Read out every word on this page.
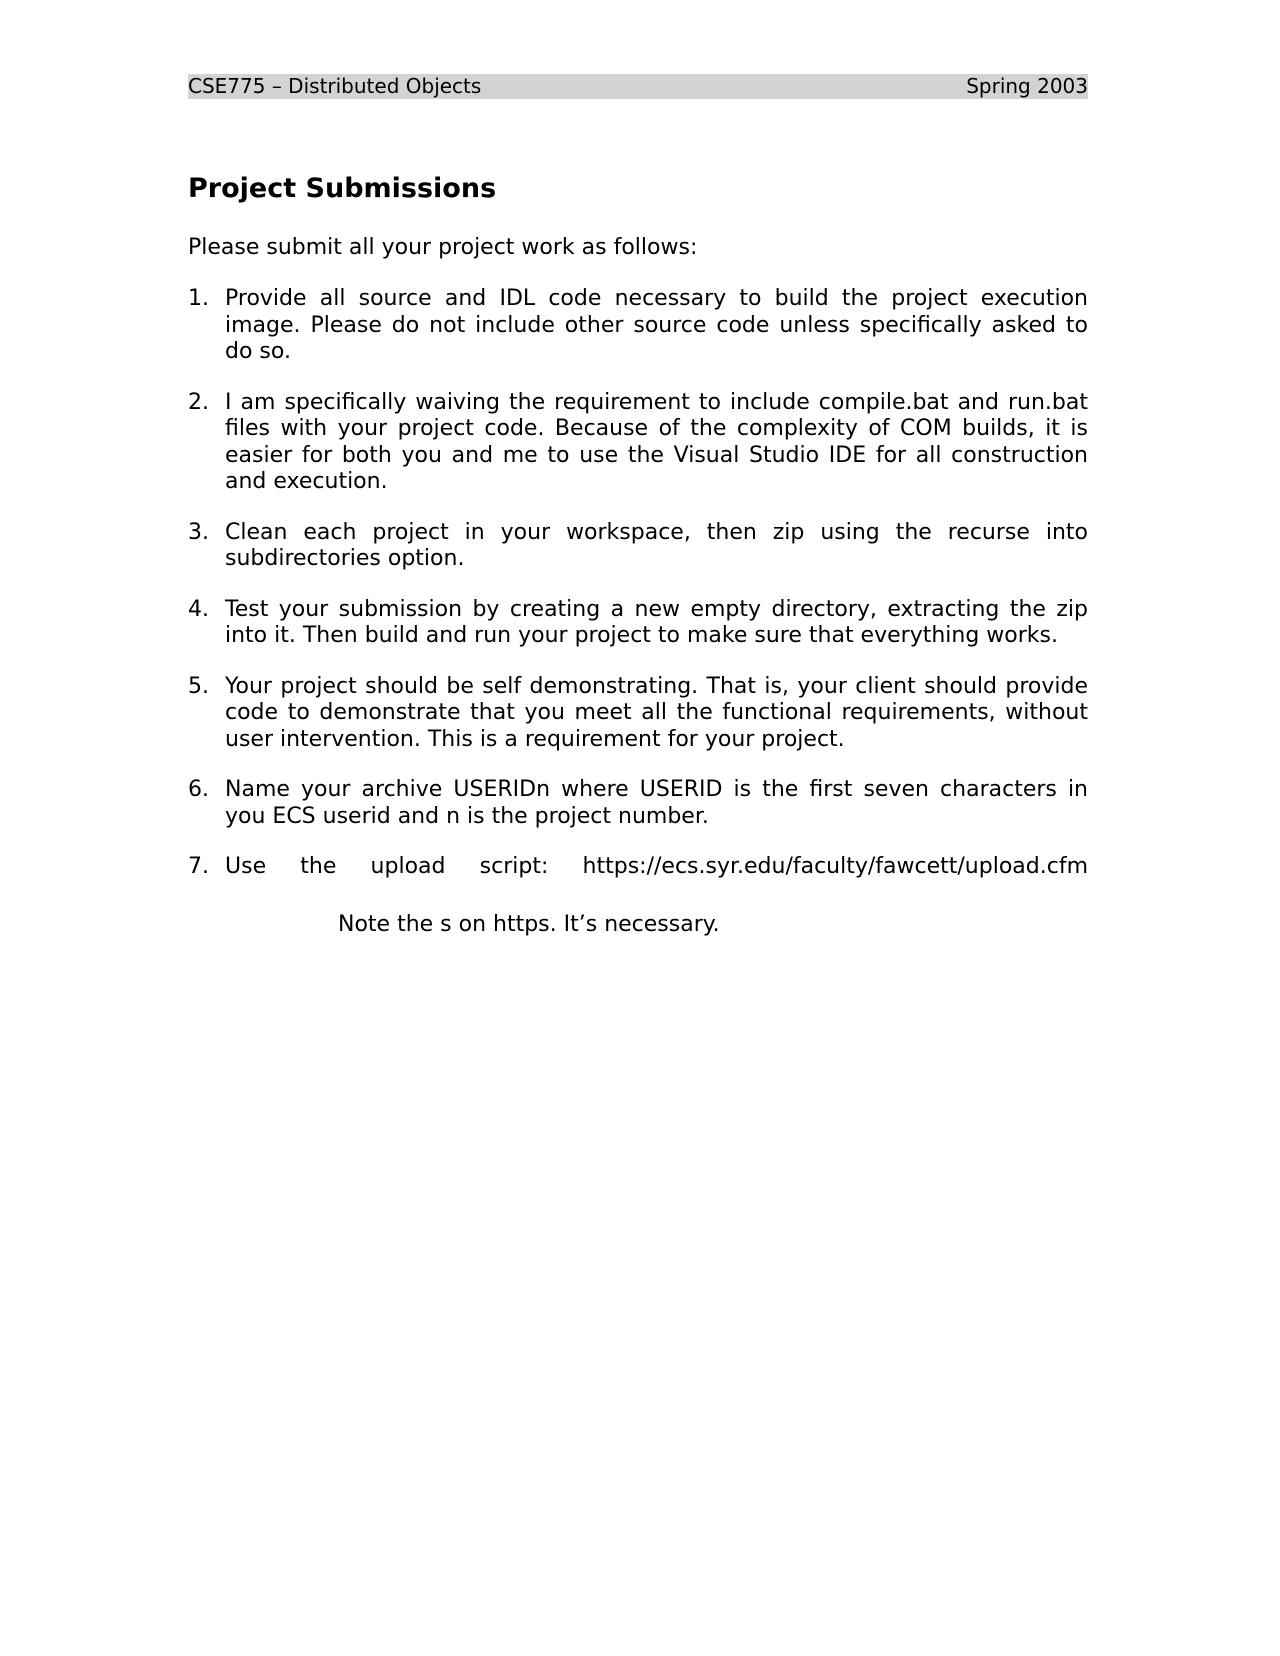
CSE775 – Distributed Objects	Spring 2003
Project Submissions

Please submit all your project work as follows:

1. Provide all source and IDL code necessary to build the project execution image. Please do not include other source code unless specifically asked to do so.
2. I am specifically waiving the requirement to include compile.bat and run.bat files with your project code. Because of the complexity of COM builds, it is easier for both you and me to use the Visual Studio IDE for all construction and execution.
3. Clean each project in your workspace, then zip using the recurse into subdirectories option.
4. Test your submission by creating a new empty directory, extracting the zip into it. Then build and run your project to make sure that everything works.
5. Your project should be self demonstrating. That is, your client should provide code to demonstrate that you meet all the functional requirements, without user intervention. This is a requirement for your project.
6. Name your archive USERIDn where USERID is the first seven characters in you ECS userid and n is the project number.
7. Use the upload script: https://ecs.syr.edu/faculty/fawcett/upload.cfm

Note the s on https. It’s necessary.
